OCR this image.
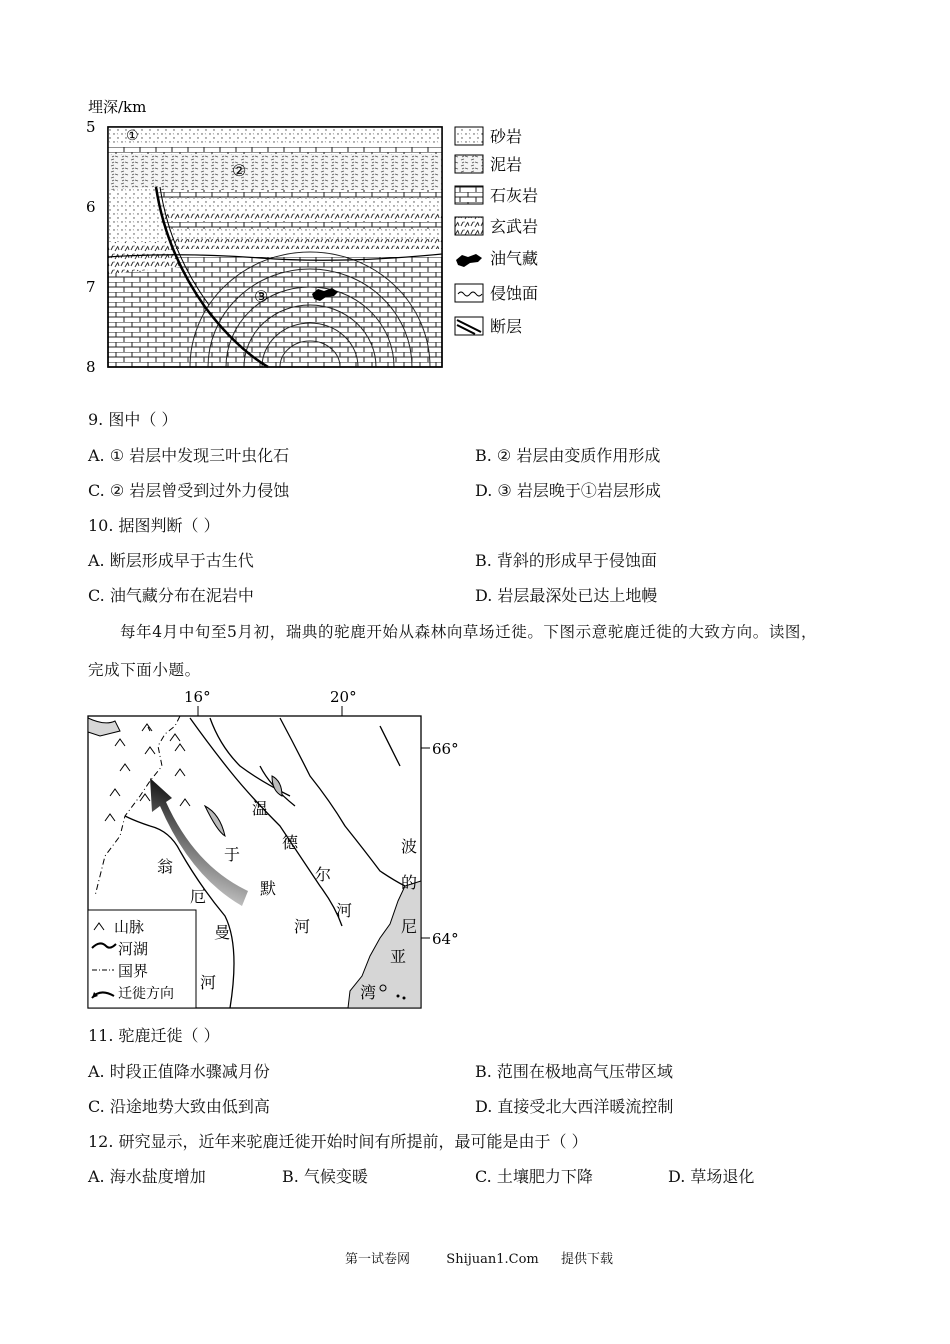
埋深/km
①
②
③
5
6
7
8
砂岩
泥岩
石灰岩
玄武岩
油气藏
侵蚀面
断层
9. 图中（ ）
A. ① 岩层中发现三叶虫化石	B. ② 岩层由变质作用形成
C. ② 岩层曾受到过外力侵蚀	D. ③ 岩层晚于①岩层形成
10. 据图判断（ ）
A. 断层形成早于古生代	B. 背斜的形成早于侵蚀面
C. 油气藏分布在泥岩中	D. 岩层最深处已达上地幔
每年4月中旬至5月初，瑞典的驼鹿开始从森林向草场迁徙。下图示意驼鹿迁徙的大致方向。读图，
完成下面小题。
16°	20°
66°
64°
温
德
尔
河
于
默
河
翁
厄
曼
河
波
的
尼
亚
湾
山脉
河湖
国界
迁徙方向
11. 驼鹿迁徙（ ）
A. 时段正值降水骤减月份	B. 范围在极地高气压带区域
C. 沿途地势大致由低到高	D. 直接受北大西洋暖流控制
12. 研究显示，近年来驼鹿迁徙开始时间有所提前，最可能是由于（ ）
A. 海水盐度增加	B. 气候变暖	C. 土壤肥力下降	D. 草场退化
第一试卷网	Shijuan1.Com 提供下载
